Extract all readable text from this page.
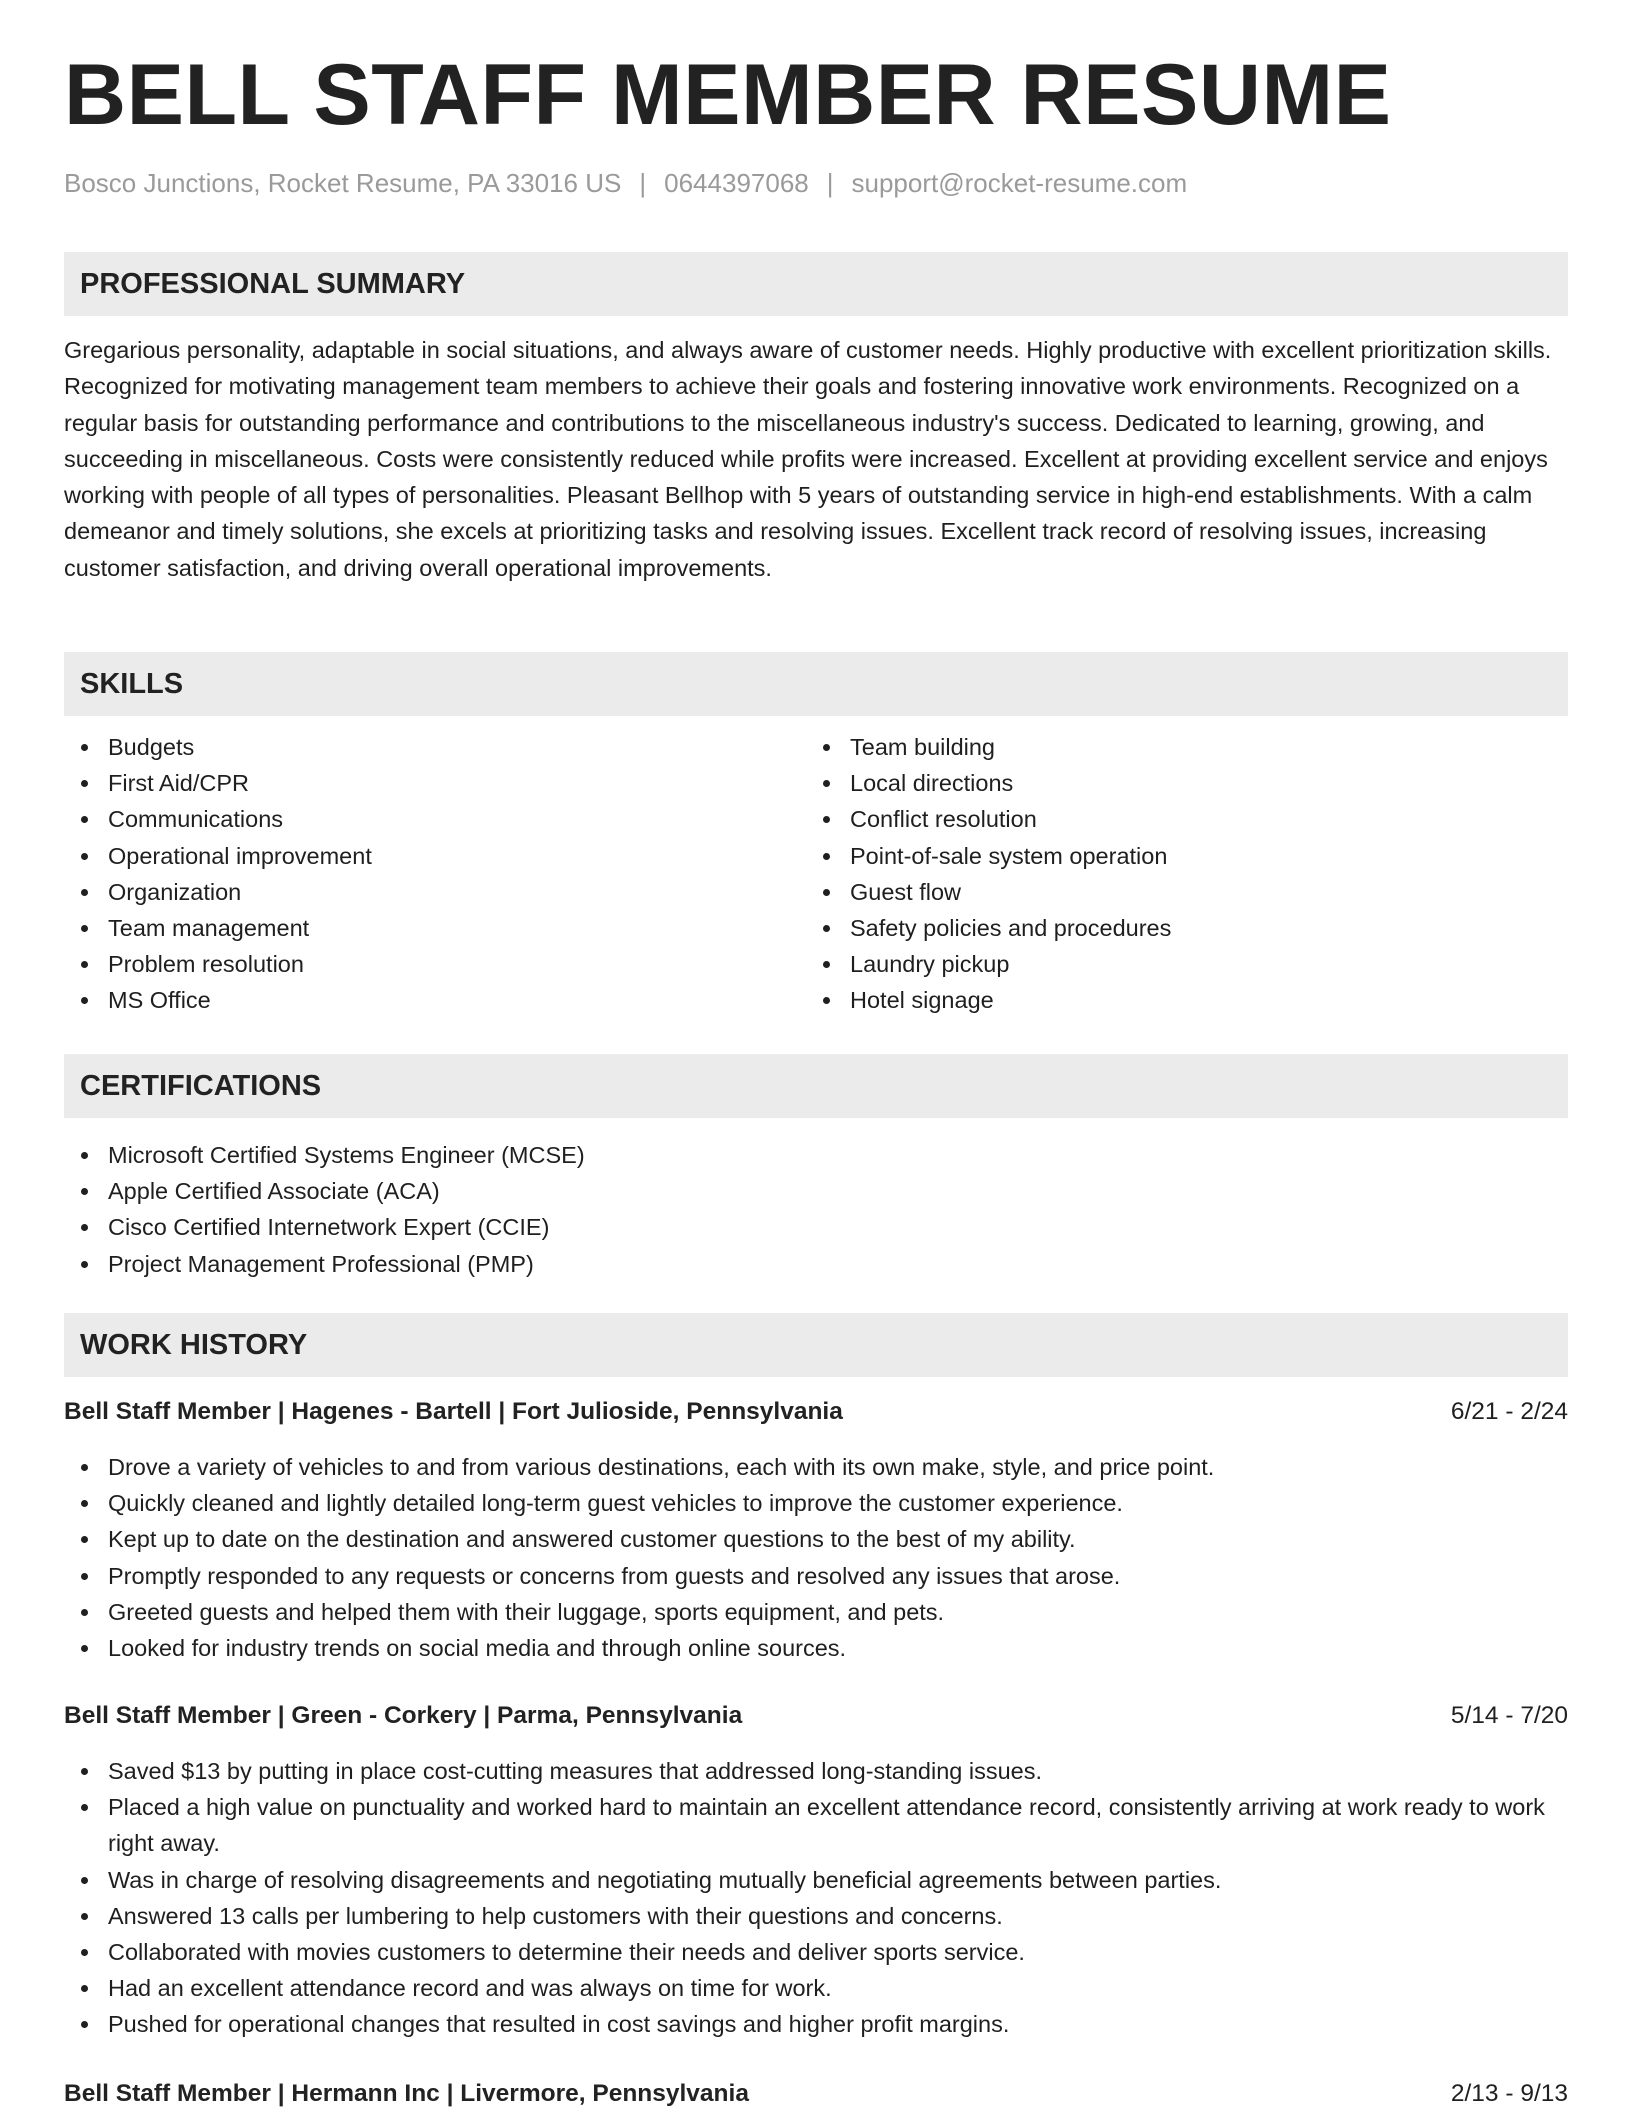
BELL STAFF MEMBER RESUME
Bosco Junctions, Rocket Resume, PA 33016 US | 0644397068 | support@rocket-resume.com
PROFESSIONAL SUMMARY

Gregarious personality, adaptable in social situations, and always aware of customer needs. Highly productive with excellent prioritization skills. Recognized for motivating management team members to achieve their goals and fostering innovative work environments. Recognized on a regular basis for outstanding performance and contributions to the miscellaneous industry's success. Dedicated to learning, growing, and succeeding in miscellaneous. Costs were consistently reduced while profits were increased. Excellent at providing excellent service and enjoys working with people of all types of personalities. Pleasant Bellhop with 5 years of outstanding service in high-end establishments. With a calm demeanor and timely solutions, she excels at prioritizing tasks and resolving issues. Excellent track record of resolving issues, increasing customer satisfaction, and driving overall operational improvements.

SKILLS
Budgets
First Aid/CPR
Communications
Operational improvement
Organization
Team management
Problem resolution
MS Office
Team building
Local directions
Conflict resolution
Point-of-sale system operation
Guest flow
Safety policies and procedures
Laundry pickup
Hotel signage
CERTIFICATIONS
Microsoft Certified Systems Engineer (MCSE)
Apple Certified Associate (ACA)
Cisco Certified Internetwork Expert (CCIE)
Project Management Professional (PMP)
WORK HISTORY
Bell Staff Member | Hagenes - Bartell | Fort Julioside, Pennsylvania	6/21 - 2/24
Drove a variety of vehicles to and from various destinations, each with its own make, style, and price point.
Quickly cleaned and lightly detailed long-term guest vehicles to improve the customer experience.
Kept up to date on the destination and answered customer questions to the best of my ability.
Promptly responded to any requests or concerns from guests and resolved any issues that arose.
Greeted guests and helped them with their luggage, sports equipment, and pets.
Looked for industry trends on social media and through online sources.
Bell Staff Member | Green - Corkery | Parma, Pennsylvania	5/14 - 7/20
Saved $13 by putting in place cost-cutting measures that addressed long-standing issues.
Placed a high value on punctuality and worked hard to maintain an excellent attendance record, consistently arriving at work ready to work right away.
Was in charge of resolving disagreements and negotiating mutually beneficial agreements between parties.
Answered 13 calls per lumbering to help customers with their questions and concerns.
Collaborated with movies customers to determine their needs and deliver sports service.
Had an excellent attendance record and was always on time for work.
Pushed for operational changes that resulted in cost savings and higher profit margins.
Bell Staff Member | Hermann Inc | Livermore, Pennsylvania	2/13 - 9/13
